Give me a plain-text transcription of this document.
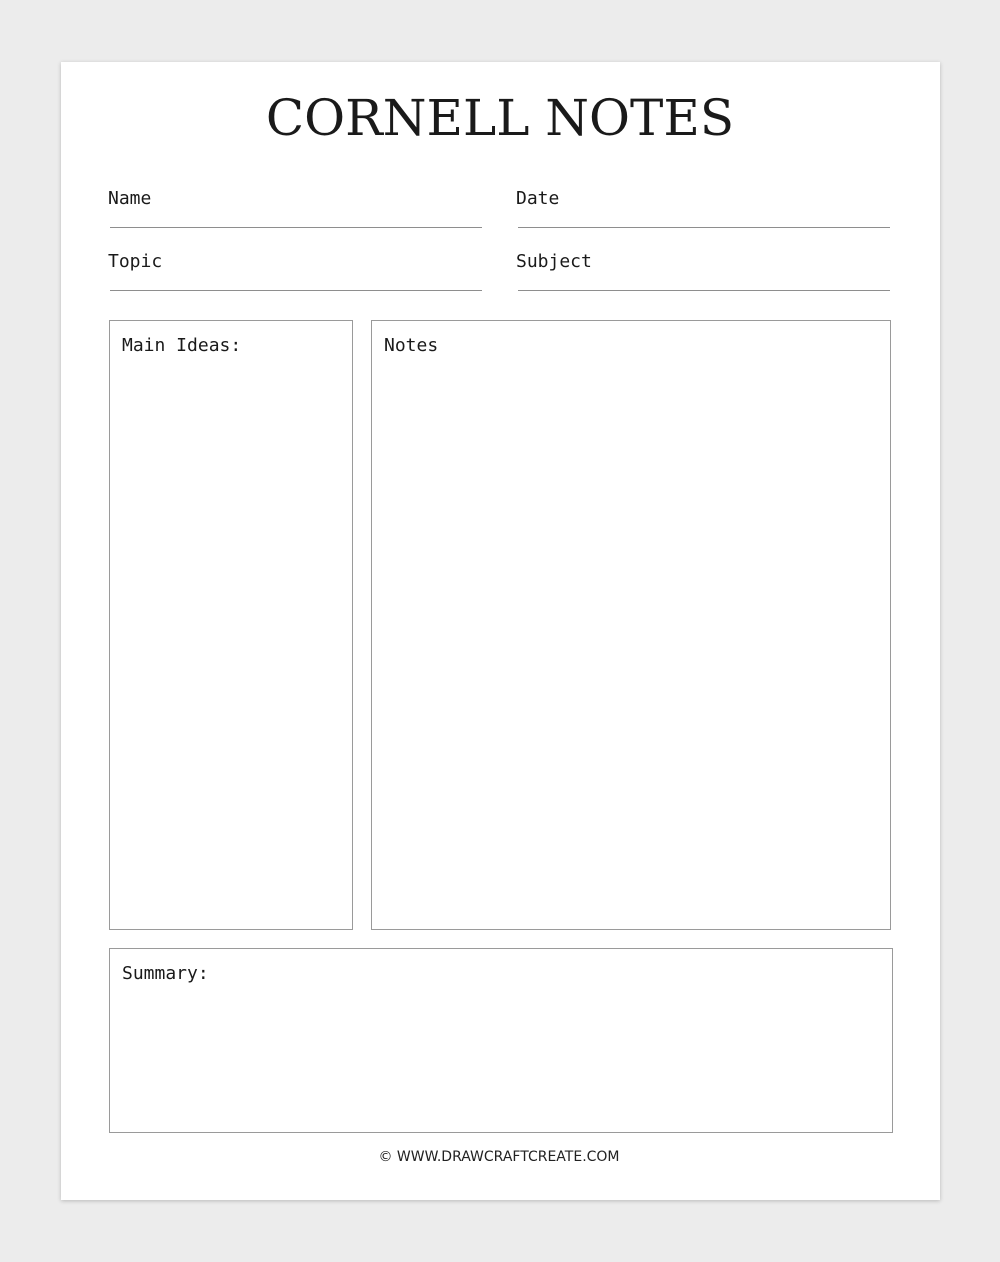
CORNELL NOTES
Name	Date
Topic	Subject
Main Ideas:	Notes
Summary:
© WWW.DRAWCRAFTCREATE.COM
